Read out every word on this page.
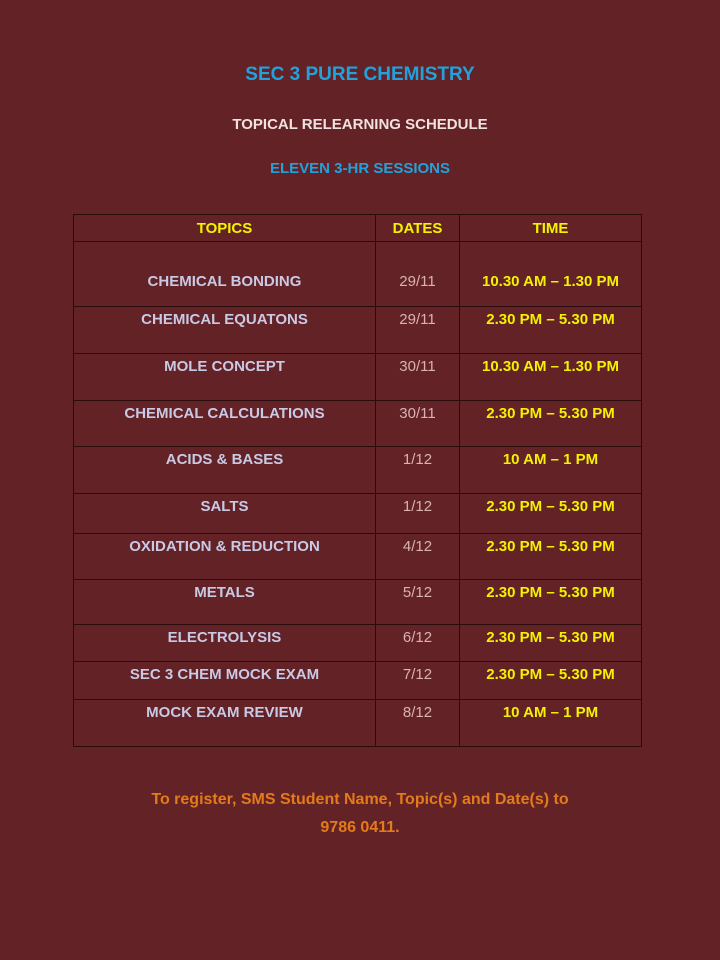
SEC 3 PURE CHEMISTRY
TOPICAL RELEARNING SCHEDULE
ELEVEN 3-HR SESSIONS
TOPICS	DATES	TIME
CHEMICAL BONDING	29/11	10.30 AM – 1.30 PM
CHEMICAL EQUATONS	29/11	2.30 PM – 5.30 PM
MOLE CONCEPT	30/11	10.30 AM – 1.30 PM
CHEMICAL CALCULATIONS	30/11	2.30 PM – 5.30 PM
ACIDS & BASES	1/12	10 AM – 1 PM
SALTS	1/12	2.30 PM – 5.30 PM
OXIDATION & REDUCTION	4/12	2.30 PM – 5.30 PM
METALS	5/12	2.30 PM – 5.30 PM
ELECTROLYSIS	6/12	2.30 PM – 5.30 PM
SEC 3 CHEM MOCK EXAM	7/12	2.30 PM – 5.30 PM
MOCK EXAM REVIEW	8/12	10 AM – 1 PM
To register, SMS Student Name, Topic(s) and Date(s) to
9786 0411.
